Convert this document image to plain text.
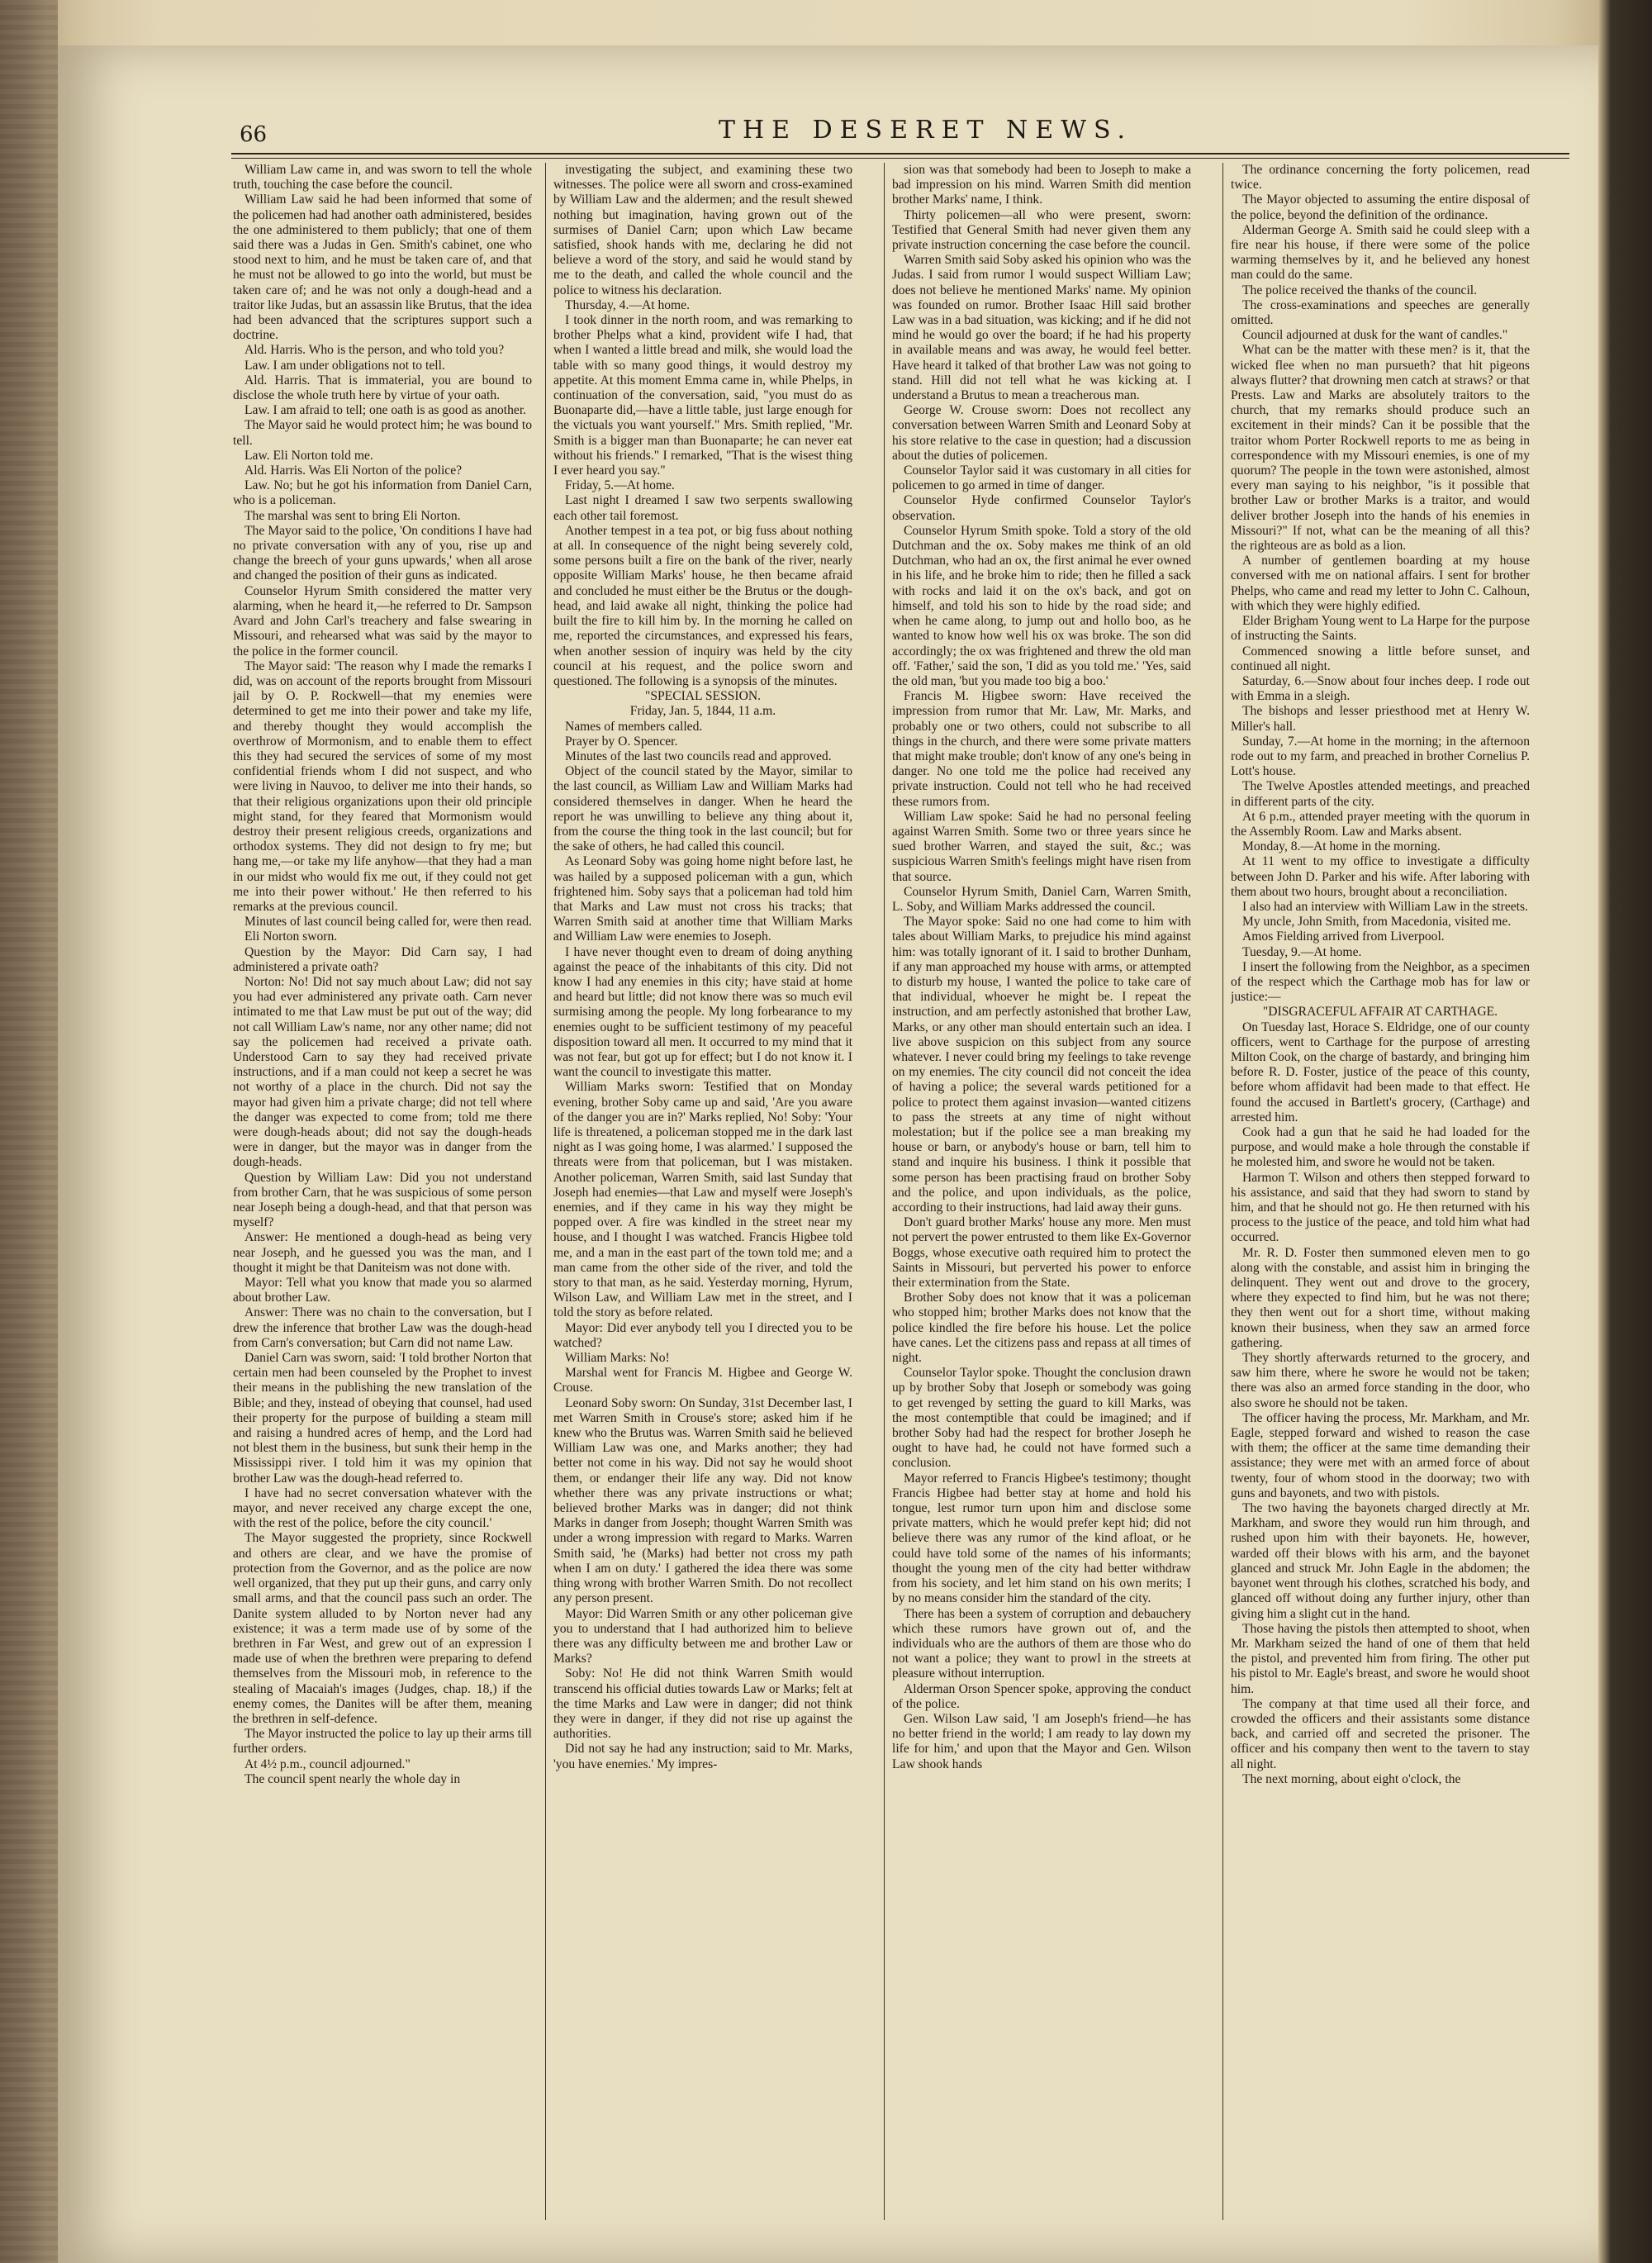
66	THE DESERET NEWS.

William Law came in, and was sworn to tell the whole truth, touching the case before the council.

William Law said he had been informed that some of the policemen had had another oath administered, besides the one administered to them publicly; that one of them said there was a Judas in Gen. Smith's cabinet, one who stood next to him, and he must be taken care of, and that he must not be allowed to go into the world, but must be taken care of; and he was not only a dough-head and a traitor like Judas, but an assassin like Brutus, that the idea had been advanced that the scriptures support such a doctrine.

Ald. Harris. Who is the person, and who told you?

Law. I am under obligations not to tell.

Ald. Harris. That is immaterial, you are bound to disclose the whole truth here by virtue of your oath.

Law. I am afraid to tell; one oath is as good as another.

The Mayor said he would protect him; he was bound to tell.

Law. Eli Norton told me.

Ald. Harris. Was Eli Norton of the police?

Law. No; but he got his information from Daniel Carn, who is a policeman.

The marshal was sent to bring Eli Norton.

The Mayor said to the police, 'On conditions I have had no private conversation with any of you, rise up and change the breech of your guns upwards,' when all arose and changed the position of their guns as indicated.

Counselor Hyrum Smith considered the matter very alarming, when he heard it,—he referred to Dr. Sampson Avard and John Carl's treachery and false swearing in Missouri, and rehearsed what was said by the mayor to the police in the former council.

The Mayor said: 'The reason why I made the remarks I did, was on account of the reports brought from Missouri jail by O. P. Rockwell—that my enemies were determined to get me into their power and take my life, and thereby thought they would accomplish the overthrow of Mormonism, and to enable them to effect this they had secured the services of some of my most confidential friends whom I did not suspect, and who were living in Nauvoo, to deliver me into their hands, so that their religious organizations upon their old principle might stand, for they feared that Mormonism would destroy their present religious creeds, organizations and orthodox systems. They did not design to fry me; but hang me,—or take my life anyhow—that they had a man in our midst who would fix me out, if they could not get me into their power without.' He then referred to his remarks at the previous council.

Minutes of last council being called for, were then read.

Eli Norton sworn.

Question by the Mayor: Did Carn say, I had administered a private oath?

Norton: No! Did not say much about Law; did not say you had ever administered any private oath. Carn never intimated to me that Law must be put out of the way; did not call William Law's name, nor any other name; did not say the policemen had received a private oath. Understood Carn to say they had received private instructions, and if a man could not keep a secret he was not worthy of a place in the church. Did not say the mayor had given him a private charge; did not tell where the danger was expected to come from; told me there were dough-heads about; did not say the dough-heads were in danger, but the mayor was in danger from the dough-heads.

Question by William Law: Did you not understand from brother Carn, that he was suspicious of some person near Joseph being a dough-head, and that that person was myself?

Answer: He mentioned a dough-head as being very near Joseph, and he guessed you was the man, and I thought it might be that Daniteism was not done with.

Mayor: Tell what you know that made you so alarmed about brother Law.

Answer: There was no chain to the conversation, but I drew the inference that brother Law was the dough-head from Carn's conversation; but Carn did not name Law.

Daniel Carn was sworn, said: 'I told brother Norton that certain men had been counseled by the Prophet to invest their means in the publishing the new translation of the Bible; and they, instead of obeying that counsel, had used their property for the purpose of building a steam mill and raising a hundred acres of hemp, and the Lord had not blest them in the business, but sunk their hemp in the Mississippi river. I told him it was my opinion that brother Law was the dough-head referred to.

I have had no secret conversation whatever with the mayor, and never received any charge except the one, with the rest of the police, before the city council.'

The Mayor suggested the propriety, since Rockwell and others are clear, and we have the promise of protection from the Governor, and as the police are now well organized, that they put up their guns, and carry only small arms, and that the council pass such an order. The Danite system alluded to by Norton never had any existence; it was a term made use of by some of the brethren in Far West, and grew out of an expression I made use of when the brethren were preparing to defend themselves from the Missouri mob, in reference to the stealing of Macaiah's images (Judges, chap. 18,) if the enemy comes, the Danites will be after them, meaning the brethren in self-defence.

The Mayor instructed the police to lay up their arms till further orders.

At 4½ p.m., council adjourned."

The council spent nearly the whole day in

investigating the subject, and examining these two witnesses. The police were all sworn and cross-examined by William Law and the aldermen; and the result shewed nothing but imagination, having grown out of the surmises of Daniel Carn; upon which Law became satisfied, shook hands with me, declaring he did not believe a word of the story, and said he would stand by me to the death, and called the whole council and the police to witness his declaration.

Thursday, 4.—At home.

I took dinner in the north room, and was remarking to brother Phelps what a kind, provident wife I had, that when I wanted a little bread and milk, she would load the table with so many good things, it would destroy my appetite. At this moment Emma came in, while Phelps, in continuation of the conversation, said, "you must do as Buonaparte did,—have a little table, just large enough for the victuals you want yourself." Mrs. Smith replied, "Mr. Smith is a bigger man than Buonaparte; he can never eat without his friends." I remarked, "That is the wisest thing I ever heard you say."

Friday, 5.—At home.

Last night I dreamed I saw two serpents swallowing each other tail foremost.

Another tempest in a tea pot, or big fuss about nothing at all. In consequence of the night being severely cold, some persons built a fire on the bank of the river, nearly opposite William Marks' house, he then became afraid and concluded he must either be the Brutus or the dough-head, and laid awake all night, thinking the police had built the fire to kill him by. In the morning he called on me, reported the circumstances, and expressed his fears, when another session of inquiry was held by the city council at his request, and the police sworn and questioned. The following is a synopsis of the minutes.

"SPECIAL SESSION.

Friday, Jan. 5, 1844, 11 a.m.

Names of members called.

Prayer by O. Spencer.

Minutes of the last two councils read and approved.

Object of the council stated by the Mayor, similar to the last council, as William Law and William Marks had considered themselves in danger. When he heard the report he was unwilling to believe any thing about it, from the course the thing took in the last council; but for the sake of others, he had called this council.

As Leonard Soby was going home night before last, he was hailed by a supposed policeman with a gun, which frightened him. Soby says that a policeman had told him that Marks and Law must not cross his tracks; that Warren Smith said at another time that William Marks and William Law were enemies to Joseph.

I have never thought even to dream of doing anything against the peace of the inhabitants of this city. Did not know I had any enemies in this city; have staid at home and heard but little; did not know there was so much evil surmising among the people. My long forbearance to my enemies ought to be sufficient testimony of my peaceful disposition toward all men. It occurred to my mind that it was not fear, but got up for effect; but I do not know it. I want the council to investigate this matter.

William Marks sworn: Testified that on Monday evening, brother Soby came up and said, 'Are you aware of the danger you are in?' Marks replied, No! Soby: 'Your life is threatened, a policeman stopped me in the dark last night as I was going home, I was alarmed.' I supposed the threats were from that policeman, but I was mistaken. Another policeman, Warren Smith, said last Sunday that Joseph had enemies—that Law and myself were Joseph's enemies, and if they came in his way they might be popped over. A fire was kindled in the street near my house, and I thought I was watched. Francis Higbee told me, and a man in the east part of the town told me; and a man came from the other side of the river, and told the story to that man, as he said. Yesterday morning, Hyrum, Wilson Law, and William Law met in the street, and I told the story as before related.

Mayor: Did ever anybody tell you I directed you to be watched?

William Marks: No!

Marshal went for Francis M. Higbee and George W. Crouse.

Leonard Soby sworn: On Sunday, 31st December last, I met Warren Smith in Crouse's store; asked him if he knew who the Brutus was. Warren Smith said he believed William Law was one, and Marks another; they had better not come in his way. Did not say he would shoot them, or endanger their life any way. Did not know whether there was any private instructions or what; believed brother Marks was in danger; did not think Marks in danger from Joseph; thought Warren Smith was under a wrong impression with regard to Marks. Warren Smith said, 'he (Marks) had better not cross my path when I am on duty.' I gathered the idea there was some thing wrong with brother Warren Smith. Do not recollect any person present.

Mayor: Did Warren Smith or any other policeman give you to understand that I had authorized him to believe there was any difficulty between me and brother Law or Marks?

Soby: No! He did not think Warren Smith would transcend his official duties towards Law or Marks; felt at the time Marks and Law were in danger; did not think they were in danger, if they did not rise up against the authorities.

Did not say he had any instruction; said to Mr. Marks, 'you have enemies.' My impres-

sion was that somebody had been to Joseph to make a bad impression on his mind. Warren Smith did mention brother Marks' name, I think.

Thirty policemen—all who were present, sworn: Testified that General Smith had never given them any private instruction concerning the case before the council.

Warren Smith said Soby asked his opinion who was the Judas. I said from rumor I would suspect William Law; does not believe he mentioned Marks' name. My opinion was founded on rumor. Brother Isaac Hill said brother Law was in a bad situation, was kicking; and if he did not mind he would go over the board; if he had his property in available means and was away, he would feel better. Have heard it talked of that brother Law was not going to stand. Hill did not tell what he was kicking at. I understand a Brutus to mean a treacherous man.

George W. Crouse sworn: Does not recollect any conversation between Warren Smith and Leonard Soby at his store relative to the case in question; had a discussion about the duties of policemen.

Counselor Taylor said it was customary in all cities for policemen to go armed in time of danger.

Counselor Hyde confirmed Counselor Taylor's observation.

Counselor Hyrum Smith spoke. Told a story of the old Dutchman and the ox. Soby makes me think of an old Dutchman, who had an ox, the first animal he ever owned in his life, and he broke him to ride; then he filled a sack with rocks and laid it on the ox's back, and got on himself, and told his son to hide by the road side; and when he came along, to jump out and hollo boo, as he wanted to know how well his ox was broke. The son did accordingly; the ox was frightened and threw the old man off. 'Father,' said the son, 'I did as you told me.' 'Yes, said the old man, 'but you made too big a boo.'

Francis M. Higbee sworn: Have received the impression from rumor that Mr. Law, Mr. Marks, and probably one or two others, could not subscribe to all things in the church, and there were some private matters that might make trouble; don't know of any one's being in danger. No one told me the police had received any private instruction. Could not tell who he had received these rumors from.

William Law spoke: Said he had no personal feeling against Warren Smith. Some two or three years since he sued brother Warren, and stayed the suit, &c.; was suspicious Warren Smith's feelings might have risen from that source.

Counselor Hyrum Smith, Daniel Carn, Warren Smith, L. Soby, and William Marks addressed the council.

The Mayor spoke: Said no one had come to him with tales about William Marks, to prejudice his mind against him: was totally ignorant of it. I said to brother Dunham, if any man approached my house with arms, or attempted to disturb my house, I wanted the police to take care of that individual, whoever he might be. I repeat the instruction, and am perfectly astonished that brother Law, Marks, or any other man should entertain such an idea. I live above suspicion on this subject from any source whatever. I never could bring my feelings to take revenge on my enemies. The city council did not conceit the idea of having a police; the several wards petitioned for a police to protect them against invasion—wanted citizens to pass the streets at any time of night without molestation; but if the police see a man breaking my house or barn, or anybody's house or barn, tell him to stand and inquire his business. I think it possible that some person has been practising fraud on brother Soby and the police, and upon individuals, as the police, according to their instructions, had laid away their guns.

Don't guard brother Marks' house any more. Men must not pervert the power entrusted to them like Ex-Governor Boggs, whose executive oath required him to protect the Saints in Missouri, but perverted his power to enforce their extermination from the State.

Brother Soby does not know that it was a policeman who stopped him; brother Marks does not know that the police kindled the fire before his house. Let the police have canes. Let the citizens pass and repass at all times of night.

Counselor Taylor spoke. Thought the conclusion drawn up by brother Soby that Joseph or somebody was going to get revenged by setting the guard to kill Marks, was the most contemptible that could be imagined; and if brother Soby had had the respect for brother Joseph he ought to have had, he could not have formed such a conclusion.

Mayor referred to Francis Higbee's testimony; thought Francis Higbee had better stay at home and hold his tongue, lest rumor turn upon him and disclose some private matters, which he would prefer kept hid; did not believe there was any rumor of the kind afloat, or he could have told some of the names of his informants; thought the young men of the city had better withdraw from his society, and let him stand on his own merits; I by no means consider him the standard of the city.

There has been a system of corruption and debauchery which these rumors have grown out of, and the individuals who are the authors of them are those who do not want a police; they want to prowl in the streets at pleasure without interruption.

Alderman Orson Spencer spoke, approving the conduct of the police.

Gen. Wilson Law said, 'I am Joseph's friend—he has no better friend in the world; I am ready to lay down my life for him,' and upon that the Mayor and Gen. Wilson Law shook hands

The ordinance concerning the forty policemen, read twice.

The Mayor objected to assuming the entire disposal of the police, beyond the definition of the ordinance.

Alderman George A. Smith said he could sleep with a fire near his house, if there were some of the police warming themselves by it, and he believed any honest man could do the same.

The police received the thanks of the council.

The cross-examinations and speeches are generally omitted.

Council adjourned at dusk for the want of candles."

What can be the matter with these men? is it, that the wicked flee when no man pursueth? that hit pigeons always flutter? that drowning men catch at straws? or that Prests. Law and Marks are absolutely traitors to the church, that my remarks should produce such an excitement in their minds? Can it be possible that the traitor whom Porter Rockwell reports to me as being in correspondence with my Missouri enemies, is one of my quorum? The people in the town were astonished, almost every man saying to his neighbor, "is it possible that brother Law or brother Marks is a traitor, and would deliver brother Joseph into the hands of his enemies in Missouri?" If not, what can be the meaning of all this? the righteous are as bold as a lion.

A number of gentlemen boarding at my house conversed with me on national affairs. I sent for brother Phelps, who came and read my letter to John C. Calhoun, with which they were highly edified.

Elder Brigham Young went to La Harpe for the purpose of instructing the Saints.

Commenced snowing a little before sunset, and continued all night.

Saturday, 6.—Snow about four inches deep. I rode out with Emma in a sleigh.

The bishops and lesser priesthood met at Henry W. Miller's hall.

Sunday, 7.—At home in the morning; in the afternoon rode out to my farm, and preached in brother Cornelius P. Lott's house.

The Twelve Apostles attended meetings, and preached in different parts of the city.

At 6 p.m., attended prayer meeting with the quorum in the Assembly Room. Law and Marks absent.

Monday, 8.—At home in the morning.

At 11 went to my office to investigate a difficulty between John D. Parker and his wife. After laboring with them about two hours, brought about a reconciliation.

I also had an interview with William Law in the streets.

My uncle, John Smith, from Macedonia, visited me.

Amos Fielding arrived from Liverpool.

Tuesday, 9.—At home.

I insert the following from the Neighbor, as a specimen of the respect which the Carthage mob has for law or justice:—

"DISGRACEFUL AFFAIR AT CARTHAGE.

On Tuesday last, Horace S. Eldridge, one of our county officers, went to Carthage for the purpose of arresting Milton Cook, on the charge of bastardy, and bringing him before R. D. Foster, justice of the peace of this county, before whom affidavit had been made to that effect. He found the accused in Bartlett's grocery, (Carthage) and arrested him.

Cook had a gun that he said he had loaded for the purpose, and would make a hole through the constable if he molested him, and swore he would not be taken.

Harmon T. Wilson and others then stepped forward to his assistance, and said that they had sworn to stand by him, and that he should not go. He then returned with his process to the justice of the peace, and told him what had occurred.

Mr. R. D. Foster then summoned eleven men to go along with the constable, and assist him in bringing the delinquent. They went out and drove to the grocery, where they expected to find him, but he was not there; they then went out for a short time, without making known their business, when they saw an armed force gathering.

They shortly afterwards returned to the grocery, and saw him there, where he swore he would not be taken; there was also an armed force standing in the door, who also swore he should not be taken.

The officer having the process, Mr. Markham, and Mr. Eagle, stepped forward and wished to reason the case with them; the officer at the same time demanding their assistance; they were met with an armed force of about twenty, four of whom stood in the doorway; two with guns and bayonets, and two with pistols.

The two having the bayonets charged directly at Mr. Markham, and swore they would run him through, and rushed upon him with their bayonets. He, however, warded off their blows with his arm, and the bayonet glanced and struck Mr. John Eagle in the abdomen; the bayonet went through his clothes, scratched his body, and glanced off without doing any further injury, other than giving him a slight cut in the hand.

Those having the pistols then attempted to shoot, when Mr. Markham seized the hand of one of them that held the pistol, and prevented him from firing. The other put his pistol to Mr. Eagle's breast, and swore he would shoot him.

The company at that time used all their force, and crowded the officers and their assistants some distance back, and carried off and secreted the prisoner. The officer and his company then went to the tavern to stay all night.

The next morning, about eight o'clock, the

re
co
th
to
N
W
M
ju
D
St
se
gr
an
ar
re
bl
Ca
he
su
co
ca
Or
ac
sa
By
fe
th
fa
ev
an
st
by
w
on
de
ed
th
he
it
te
ra
fl
Co
be
Ch
Ju
Bi
he
do
sa
